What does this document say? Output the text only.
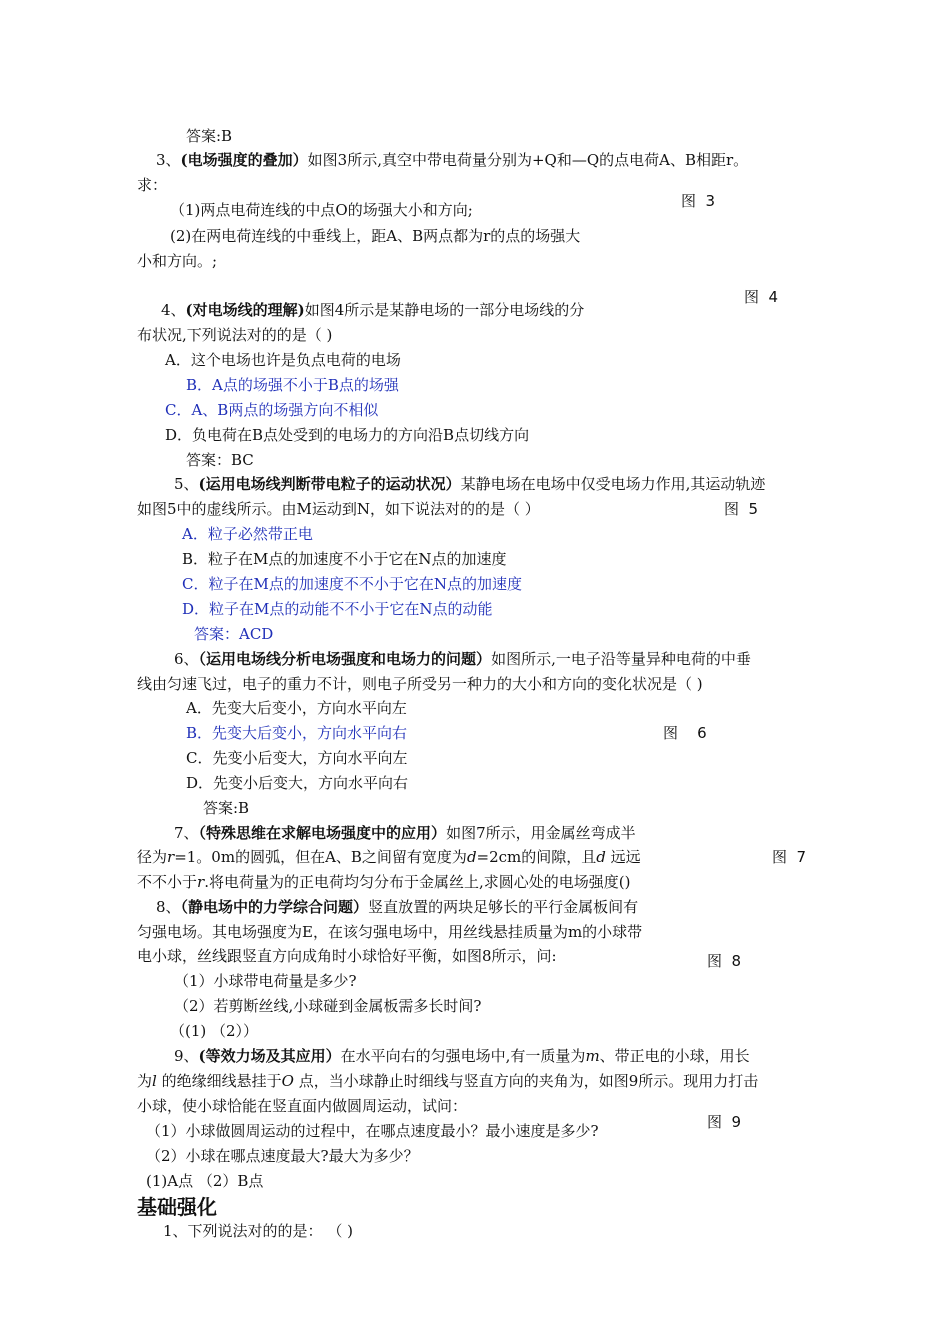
答案:B
3、(电场强度的叠加）如图3所示,真空中带电荷量分别为+Q和—Q的点电荷A、B相距r。
求：
图  3
（1)两点电荷连线的中点O的场强大小和方向;
(2)在两电荷连线的中垂线上，距A、B两点都为r的点的场强大
小和方向。;
图  4
4、(对电场线的理解)如图4所示是某静电场的一部分电场线的分
布状况,下列说法对的的是（ )
A．这个电场也许是负点电荷的电场
B．A点的场强不小于B点的场强
C．A、B两点的场强方向不相似
D．负电荷在B点处受到的电场力的方向沿B点切线方向
答案：BC
5、(运用电场线判断带电粒子的运动状况）某静电场在电场中仅受电场力作用,其运动轨迹
如图5中的虚线所示。由M运动到N，如下说法对的的是（ ）	图  5
A．粒子必然带正电
B．粒子在M点的加速度不小于它在N点的加速度
C．粒子在M点的加速度不不小于它在N点的加速度
D．粒子在M点的动能不不小于它在N点的动能
答案：ACD
6、（运用电场线分析电场强度和电场力的问题）如图所示,一电子沿等量异种电荷的中垂
线由匀速飞过，电子的重力不计，则电子所受另一种力的大小和方向的变化状况是（ )
A．先变大后变小，方向水平向左
B．先变大后变小，方向水平向右	图    6
C．先变小后变大，方向水平向左
D．先变小后变大，方向水平向右
答案:B
7、（特殊思维在求解电场强度中的应用）如图7所示，用金属丝弯成半
径为r=1。0m的圆弧，但在A、B之间留有宽度为d=2cm的间隙，且d 远远	图  7
不不小于r.将电荷量为的正电荷均匀分布于金属丝上,求圆心处的电场强度()
8、（静电场中的力学综合问题）竖直放置的两块足够长的平行金属板间有
匀强电场。其电场强度为E，在该匀强电场中，用丝线悬挂质量为m的小球带
电小球，丝线跟竖直方向成角时小球恰好平衡，如图8所示，问:	图  8
（1）小球带电荷量是多少?
（2）若剪断丝线,小球碰到金属板需多长时间?
（(1) （2））
9、(等效力场及其应用）在水平向右的匀强电场中,有一质量为m、带正电的小球，用长
为l 的绝缘细线悬挂于O 点，当小球静止时细线与竖直方向的夹角为，如图9所示。现用力打击
小球，使小球恰能在竖直面内做圆周运动，试问：
图  9
（1）小球做圆周运动的过程中，在哪点速度最小？最小速度是多少?
（2）小球在哪点速度最大?最大为多少？
(1)A点 （2）B点
基础强化
1、下列说法对的的是： （ )
